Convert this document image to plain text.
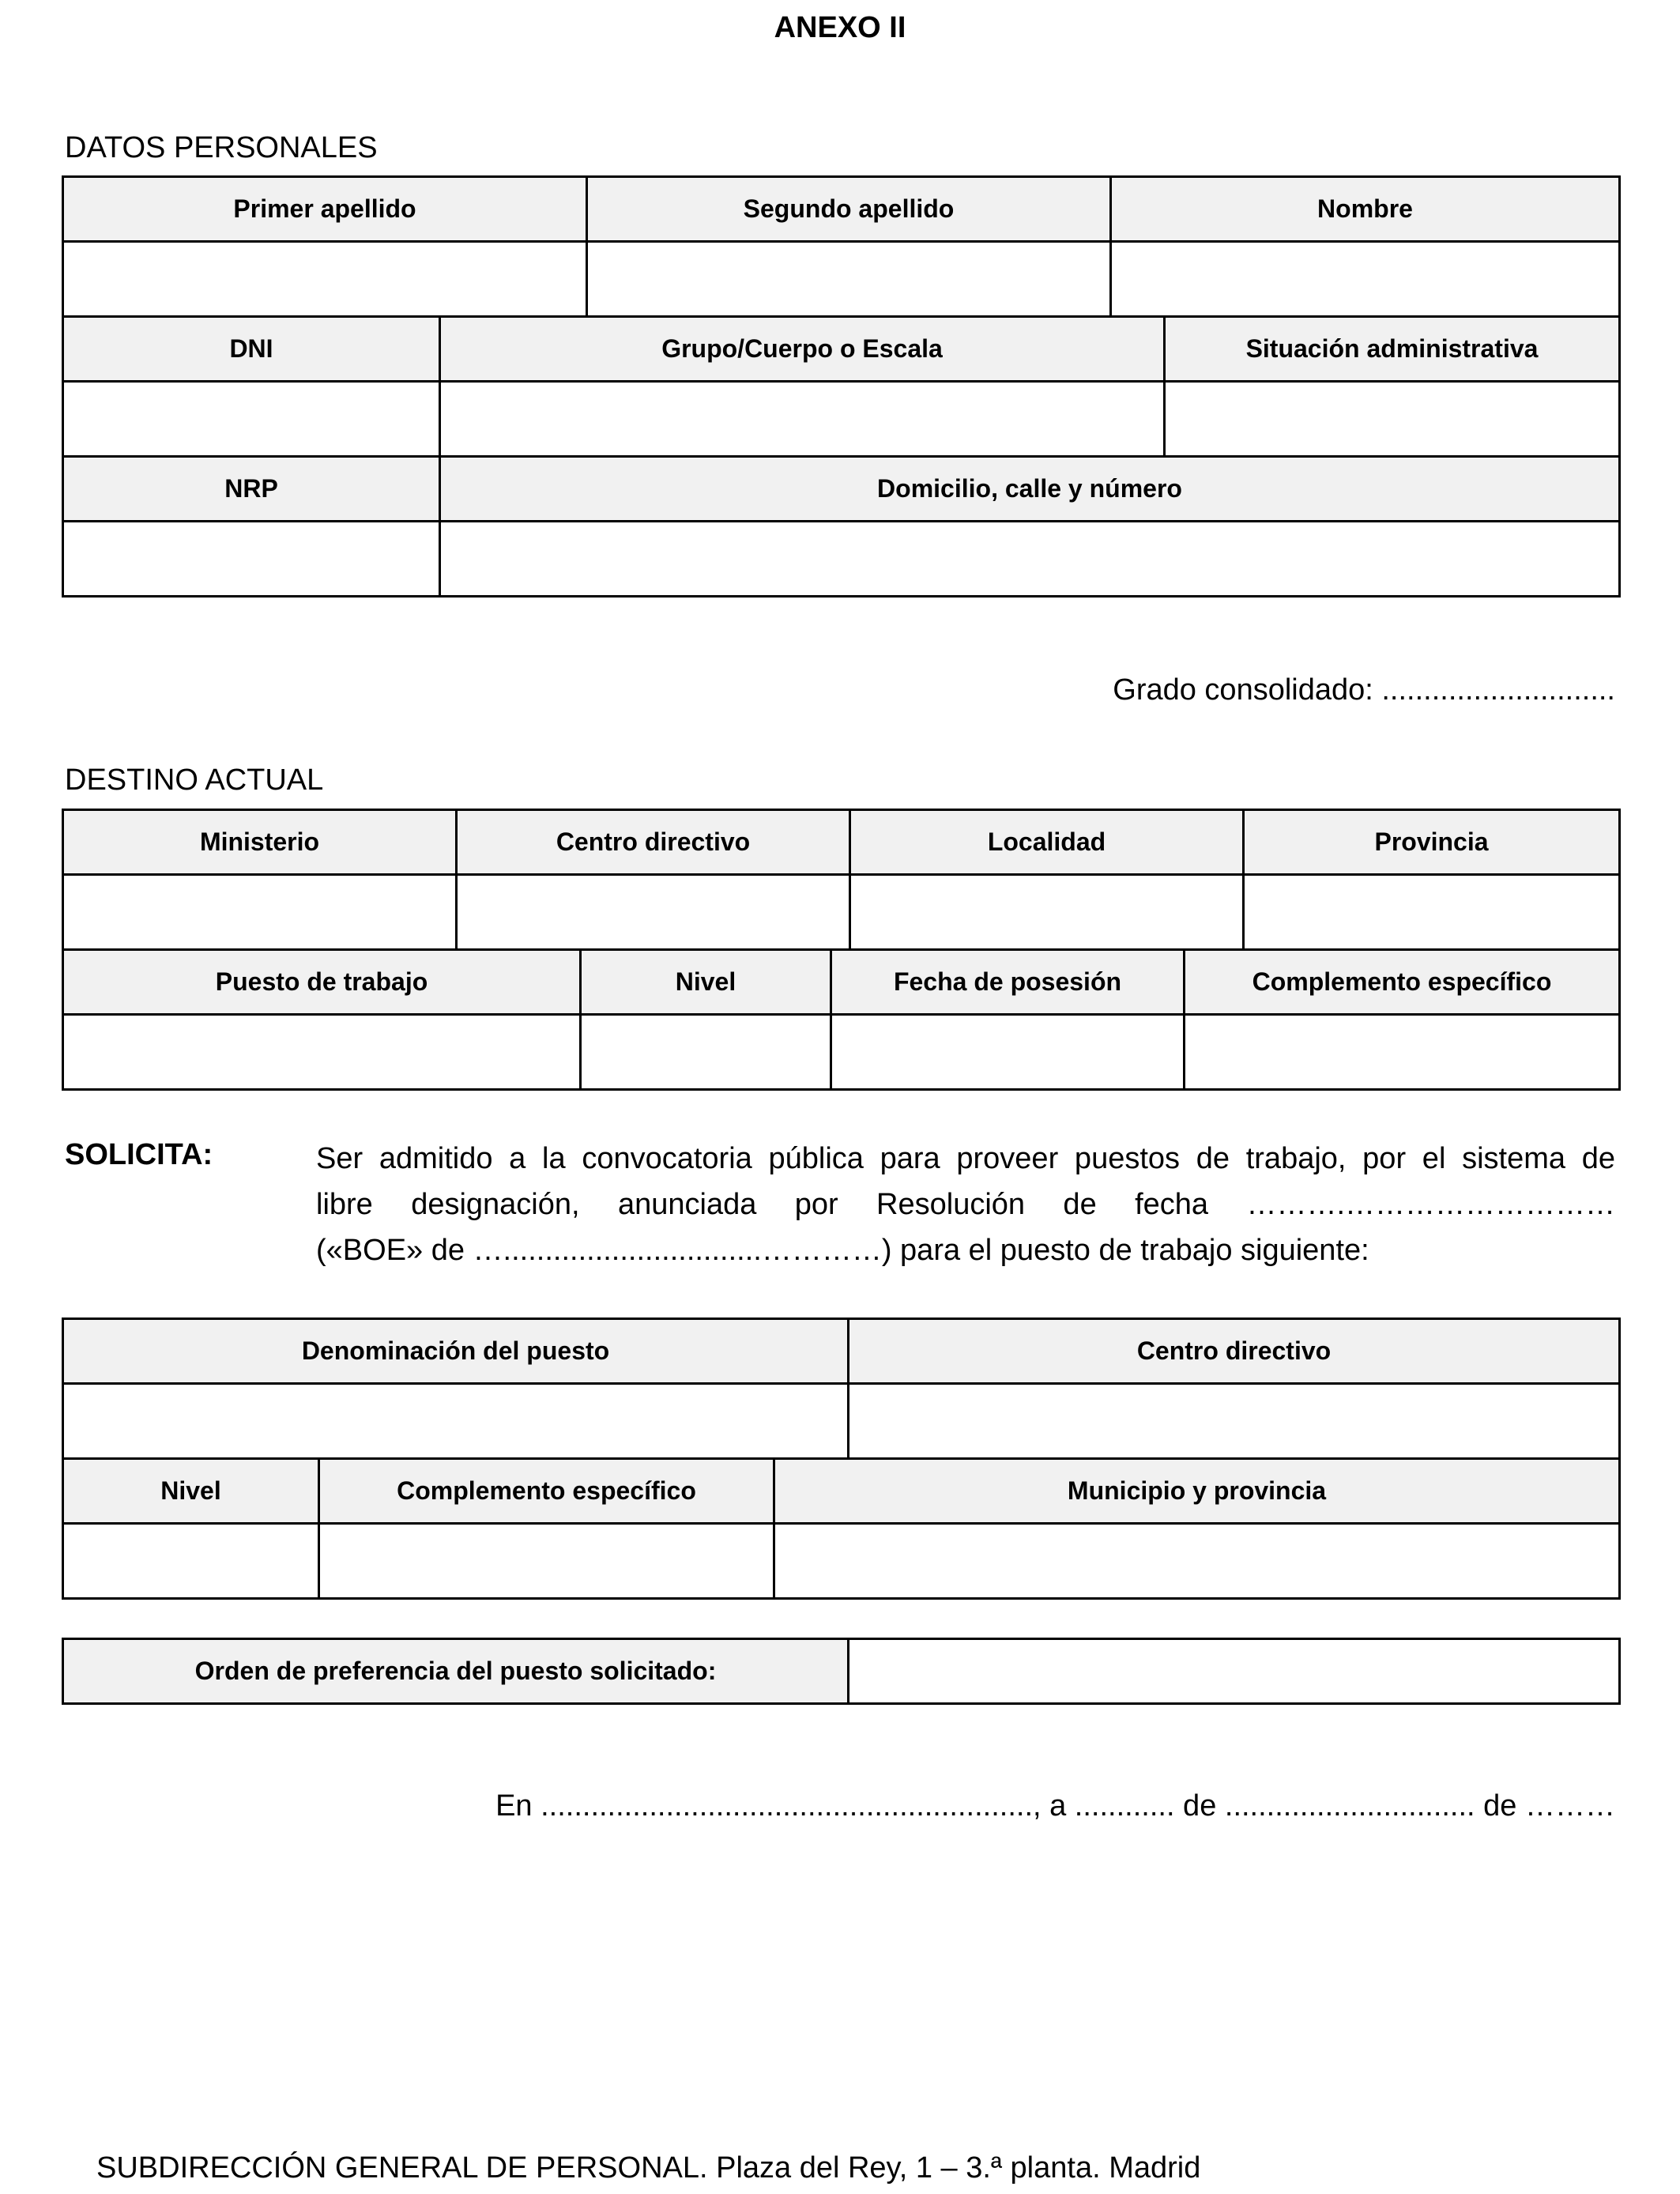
ANEXO II
DATOS PERSONALES
Primer apellido	Segundo apellido	Nombre

DNI	Grupo/Cuerpo o Escala	Situación administrativa

NRP	Domicilio, calle y número

Grado consolidado: ............................
DESTINO ACTUAL
Ministerio	Centro directivo	Localidad	Provincia

Puesto de trabajo	Nivel	Fecha de posesión	Complemento específico

SOLICITA:	Ser admitido a la convocatoria pública para proveer puestos de trabajo, por el sistema de
libre designación, anunciada por Resolución de fecha ……….………………………
(«BOE» de …...............................…………) para el puesto de trabajo siguiente:
Denominación del puesto	Centro directivo

Nivel	Complemento específico	Municipio y provincia

Orden de preferencia del puesto solicitado:	
En ..........................................................., a ............ de .............................. de ………
SUBDIRECCIÓN GENERAL DE PERSONAL. Plaza del Rey, 1 – 3.ª planta. Madrid
